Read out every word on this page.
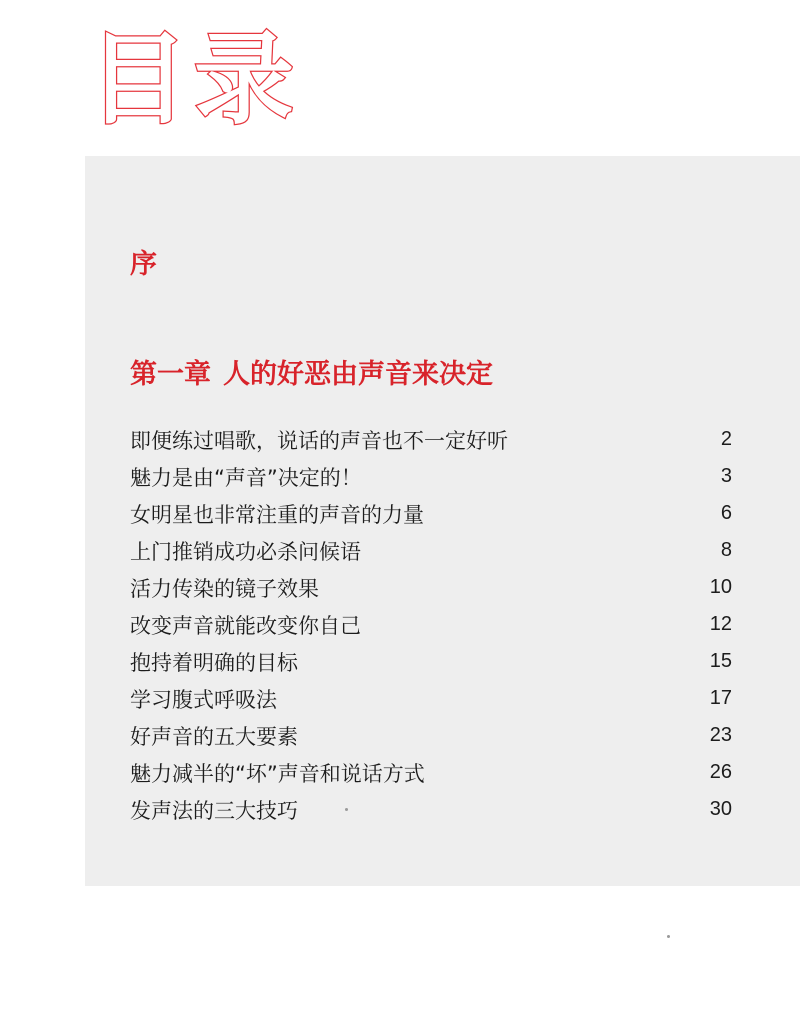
目录
序
第一章 人的好恶由声音来决定
即便练过唱歌，说话的声音也不一定好听	2
魅力是由“声音”决定的！	3
女明星也非常注重的声音的力量	6
上门推销成功必杀问候语	8
活力传染的镜子效果	10
改变声音就能改变你自己	12
抱持着明确的目标	15
学习腹式呼吸法	17
好声音的五大要素	23
魅力减半的“坏”声音和说话方式	26
发声法的三大技巧	30
